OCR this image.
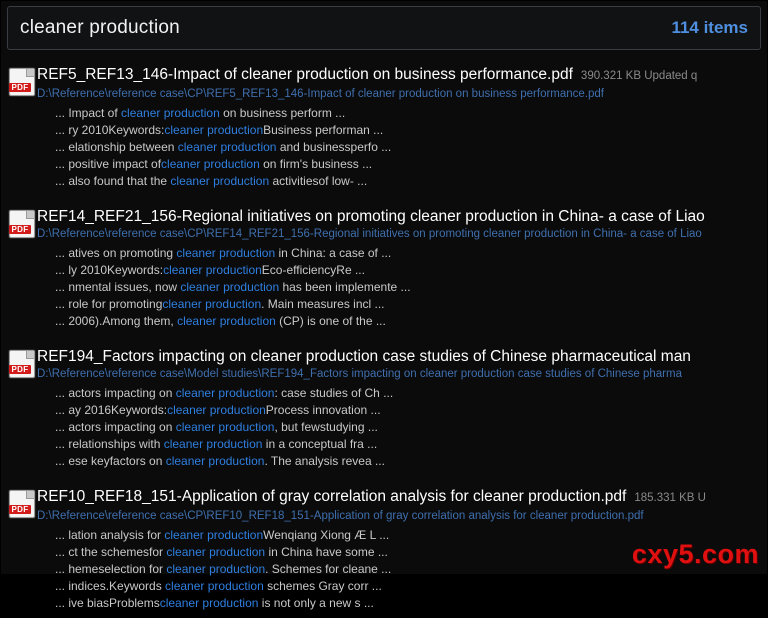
cleaner production
114 items
PDF
REF5_REF13_146-Impact of cleaner production on business performance.pdf 390.321 KB Updated q
D:\Reference\reference case\CP\REF5_REF13_146-Impact of cleaner production on business performance.pdf
... Impact of cleaner production on business perform ...
... ry 2010Keywords:cleaner productionBusiness performan ...
... elationship between cleaner production and businessperfo ...
... positive impact ofcleaner production on firm's business ...
... also found that the cleaner production activitiesof low- ...
PDF
REF14_REF21_156-Regional initiatives on promoting cleaner production in China- a case of Liao
D:\Reference\reference case\CP\REF14_REF21_156-Regional initiatives on promoting cleaner production in China- a case of Liao
... atives on promoting cleaner production in China: a case of ...
... ly 2010Keywords:cleaner productionEco-efficiencyRe ...
... nmental issues, now cleaner production has been implemente ...
... role for promotingcleaner production. Main measures incl ...
... 2006).Among them, cleaner production (CP) is one of the ...
PDF
REF194_Factors impacting on cleaner production case studies of Chinese pharmaceutical man
D:\Reference\reference case\Model studies\REF194_Factors impacting on cleaner production case studies of Chinese pharma
... actors impacting on cleaner production: case studies of Ch ...
... ay 2016Keywords:cleaner productionProcess innovation ...
... actors impacting on cleaner production, but fewstudying ...
... relationships with cleaner production in a conceptual fra ...
... ese keyfactors on cleaner production. The analysis revea ...
PDF
REF10_REF18_151-Application of gray correlation analysis for cleaner production.pdf 185.331 KB U
D:\Reference\reference case\CP\REF10_REF18_151-Application of gray correlation analysis for cleaner production.pdf
... lation analysis for cleaner productionWenqiang Xiong Æ L ...
... ct the schemesfor cleaner production in China have some ...
... hemeselection for cleaner production. Schemes for cleane ...
... indices.Keywords cleaner production schemes Gray corr ...
... ive biasProblemscleaner production is not only a new s ...
cxy5.com
